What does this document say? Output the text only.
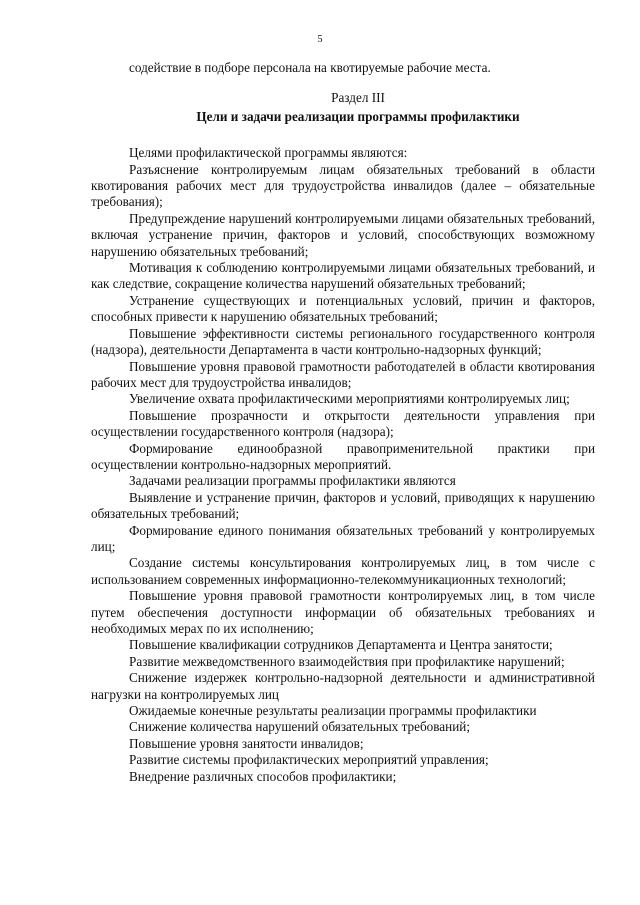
5

содействие в подборе персонала на квотируемые рабочие места.

Раздел III
Цели и задачи реализации программы профилактики

Целями профилактической программы являются:

Разъяснение контролируемым лицам обязательных требований в области квотирования рабочих мест для трудоустройства инвалидов (далее – обязательные требования);

Предупреждение нарушений контролируемыми лицами обязательных требований, включая устранение причин, факторов и условий, способствующих возможному нарушению обязательных требований;

Мотивация к соблюдению контролируемыми лицами обязательных требований, и как следствие, сокращение количества нарушений обязательных требований;

Устранение существующих и потенциальных условий, причин и факторов, способных привести к нарушению обязательных требований;

Повышение эффективности системы регионального государственного контроля (надзора), деятельности Департамента в части контрольно-надзорных функций;

Повышение уровня правовой грамотности работодателей в области квотирования рабочих мест для трудоустройства инвалидов;

Увеличение охвата профилактическими мероприятиями контролируемых лиц;

Повышение прозрачности и открытости деятельности управления при осуществлении государственного контроля (надзора);

Формирование единообразной правоприменительной практики при осуществлении контрольно-надзорных мероприятий.

Задачами реализации программы профилактики являются

Выявление и устранение причин, факторов и условий, приводящих к нарушению обязательных требований;

Формирование единого понимания обязательных требований у контролируемых лиц;

Создание системы консультирования контролируемых лиц, в том числе с использованием современных информационно-телекоммуникационных технологий;

Повышение уровня правовой грамотности контролируемых лиц, в том числе путем обеспечения доступности информации об обязательных требованиях и необходимых мерах по их исполнению;

Повышение квалификации сотрудников Департамента и Центра занятости;

Развитие межведомственного взаимодействия при профилактике нарушений;

Снижение издержек контрольно-надзорной деятельности и административной нагрузки на контролируемых лиц

Ожидаемые конечные результаты реализации программы профилактики

Снижение количества нарушений обязательных требований;

Повышение уровня занятости инвалидов;

Развитие системы профилактических мероприятий управления;

Внедрение различных способов профилактики;
